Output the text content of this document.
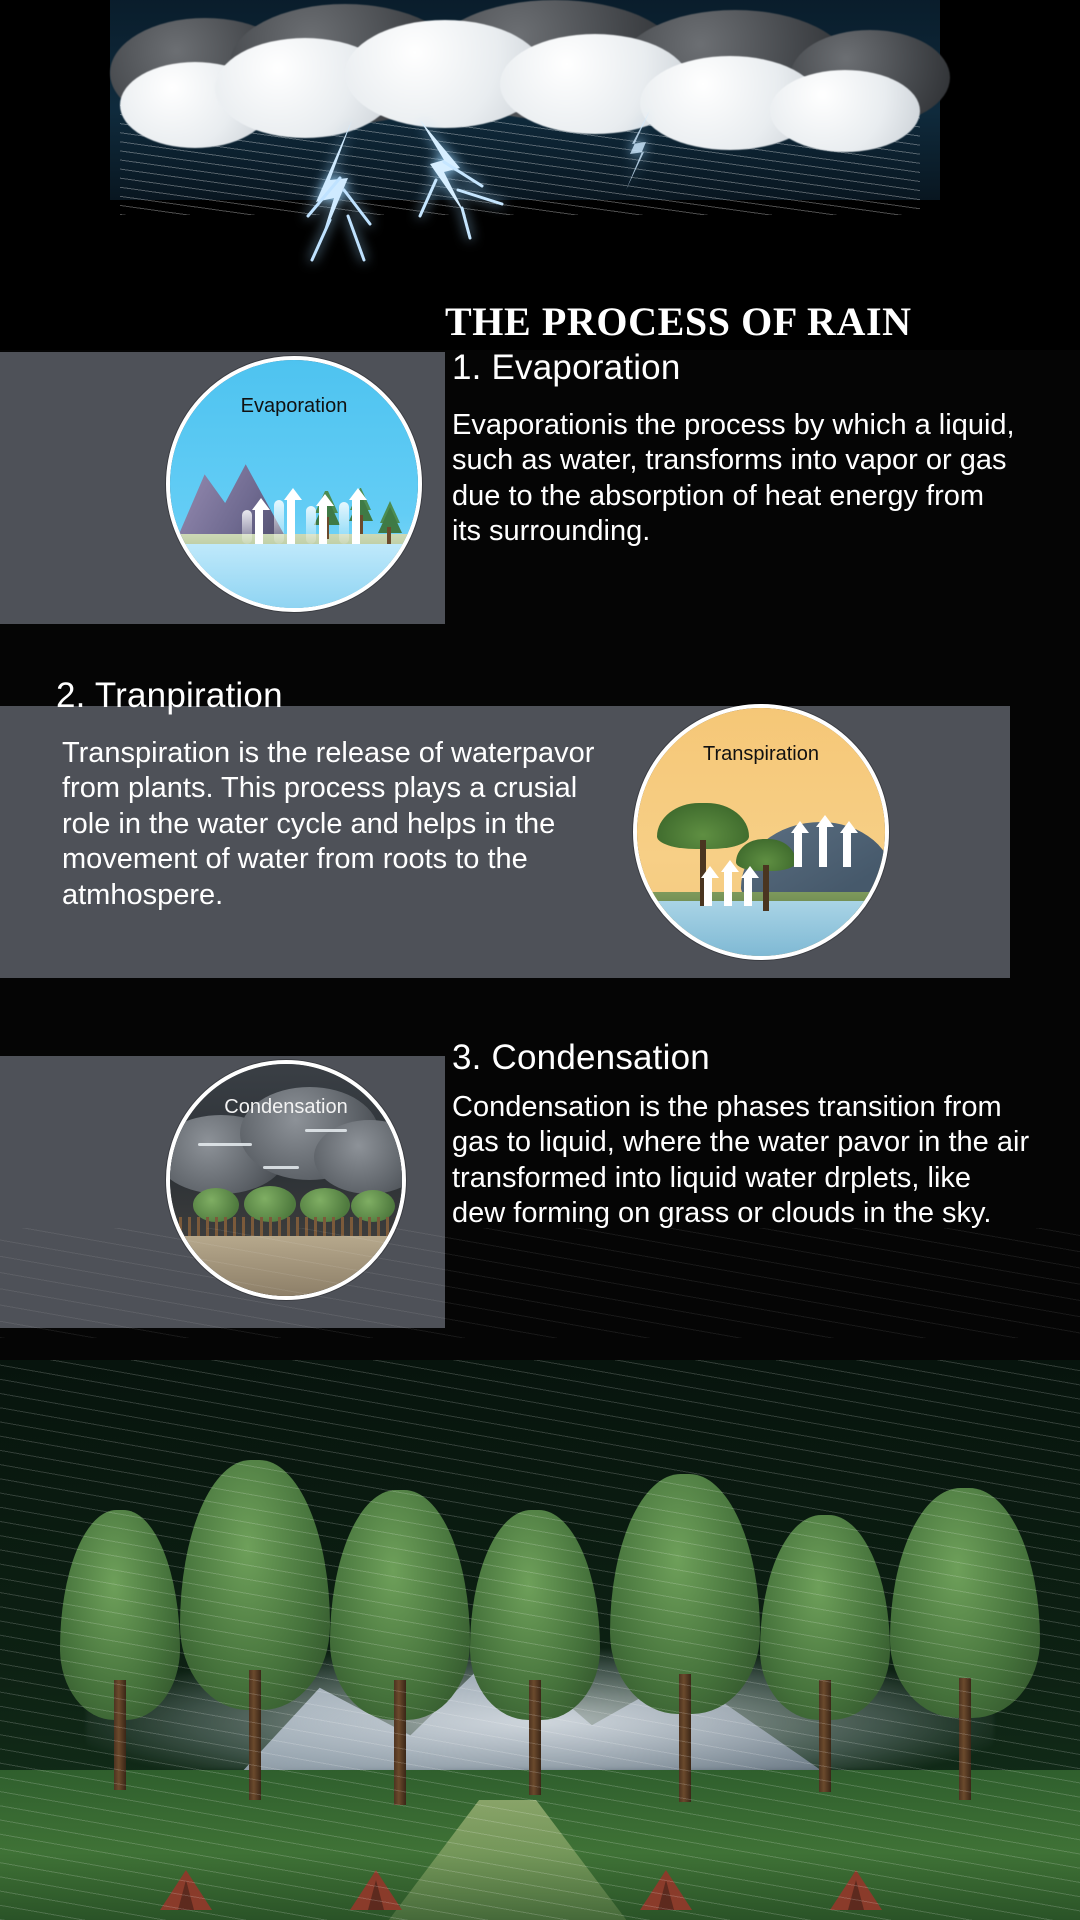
THE PROCESS OF RAIN
Evaporation
1. Evaporation
Evaporationis the process by which a liquid, such as water, transforms into vapor or gas due to the absorption of heat energy from its surrounding.
Transpiration
2. Tranpiration
Transpiration is the release of waterpavor from plants. This process plays a crusial role in the water cycle and helps in the movement of water from roots to the atmhospere.
Condensation
3. Condensation
Condensation is the phases transition from gas to liquid, where the water pavor in the air transformed into liquid water drplets, like dew forming on grass or clouds in the sky.
